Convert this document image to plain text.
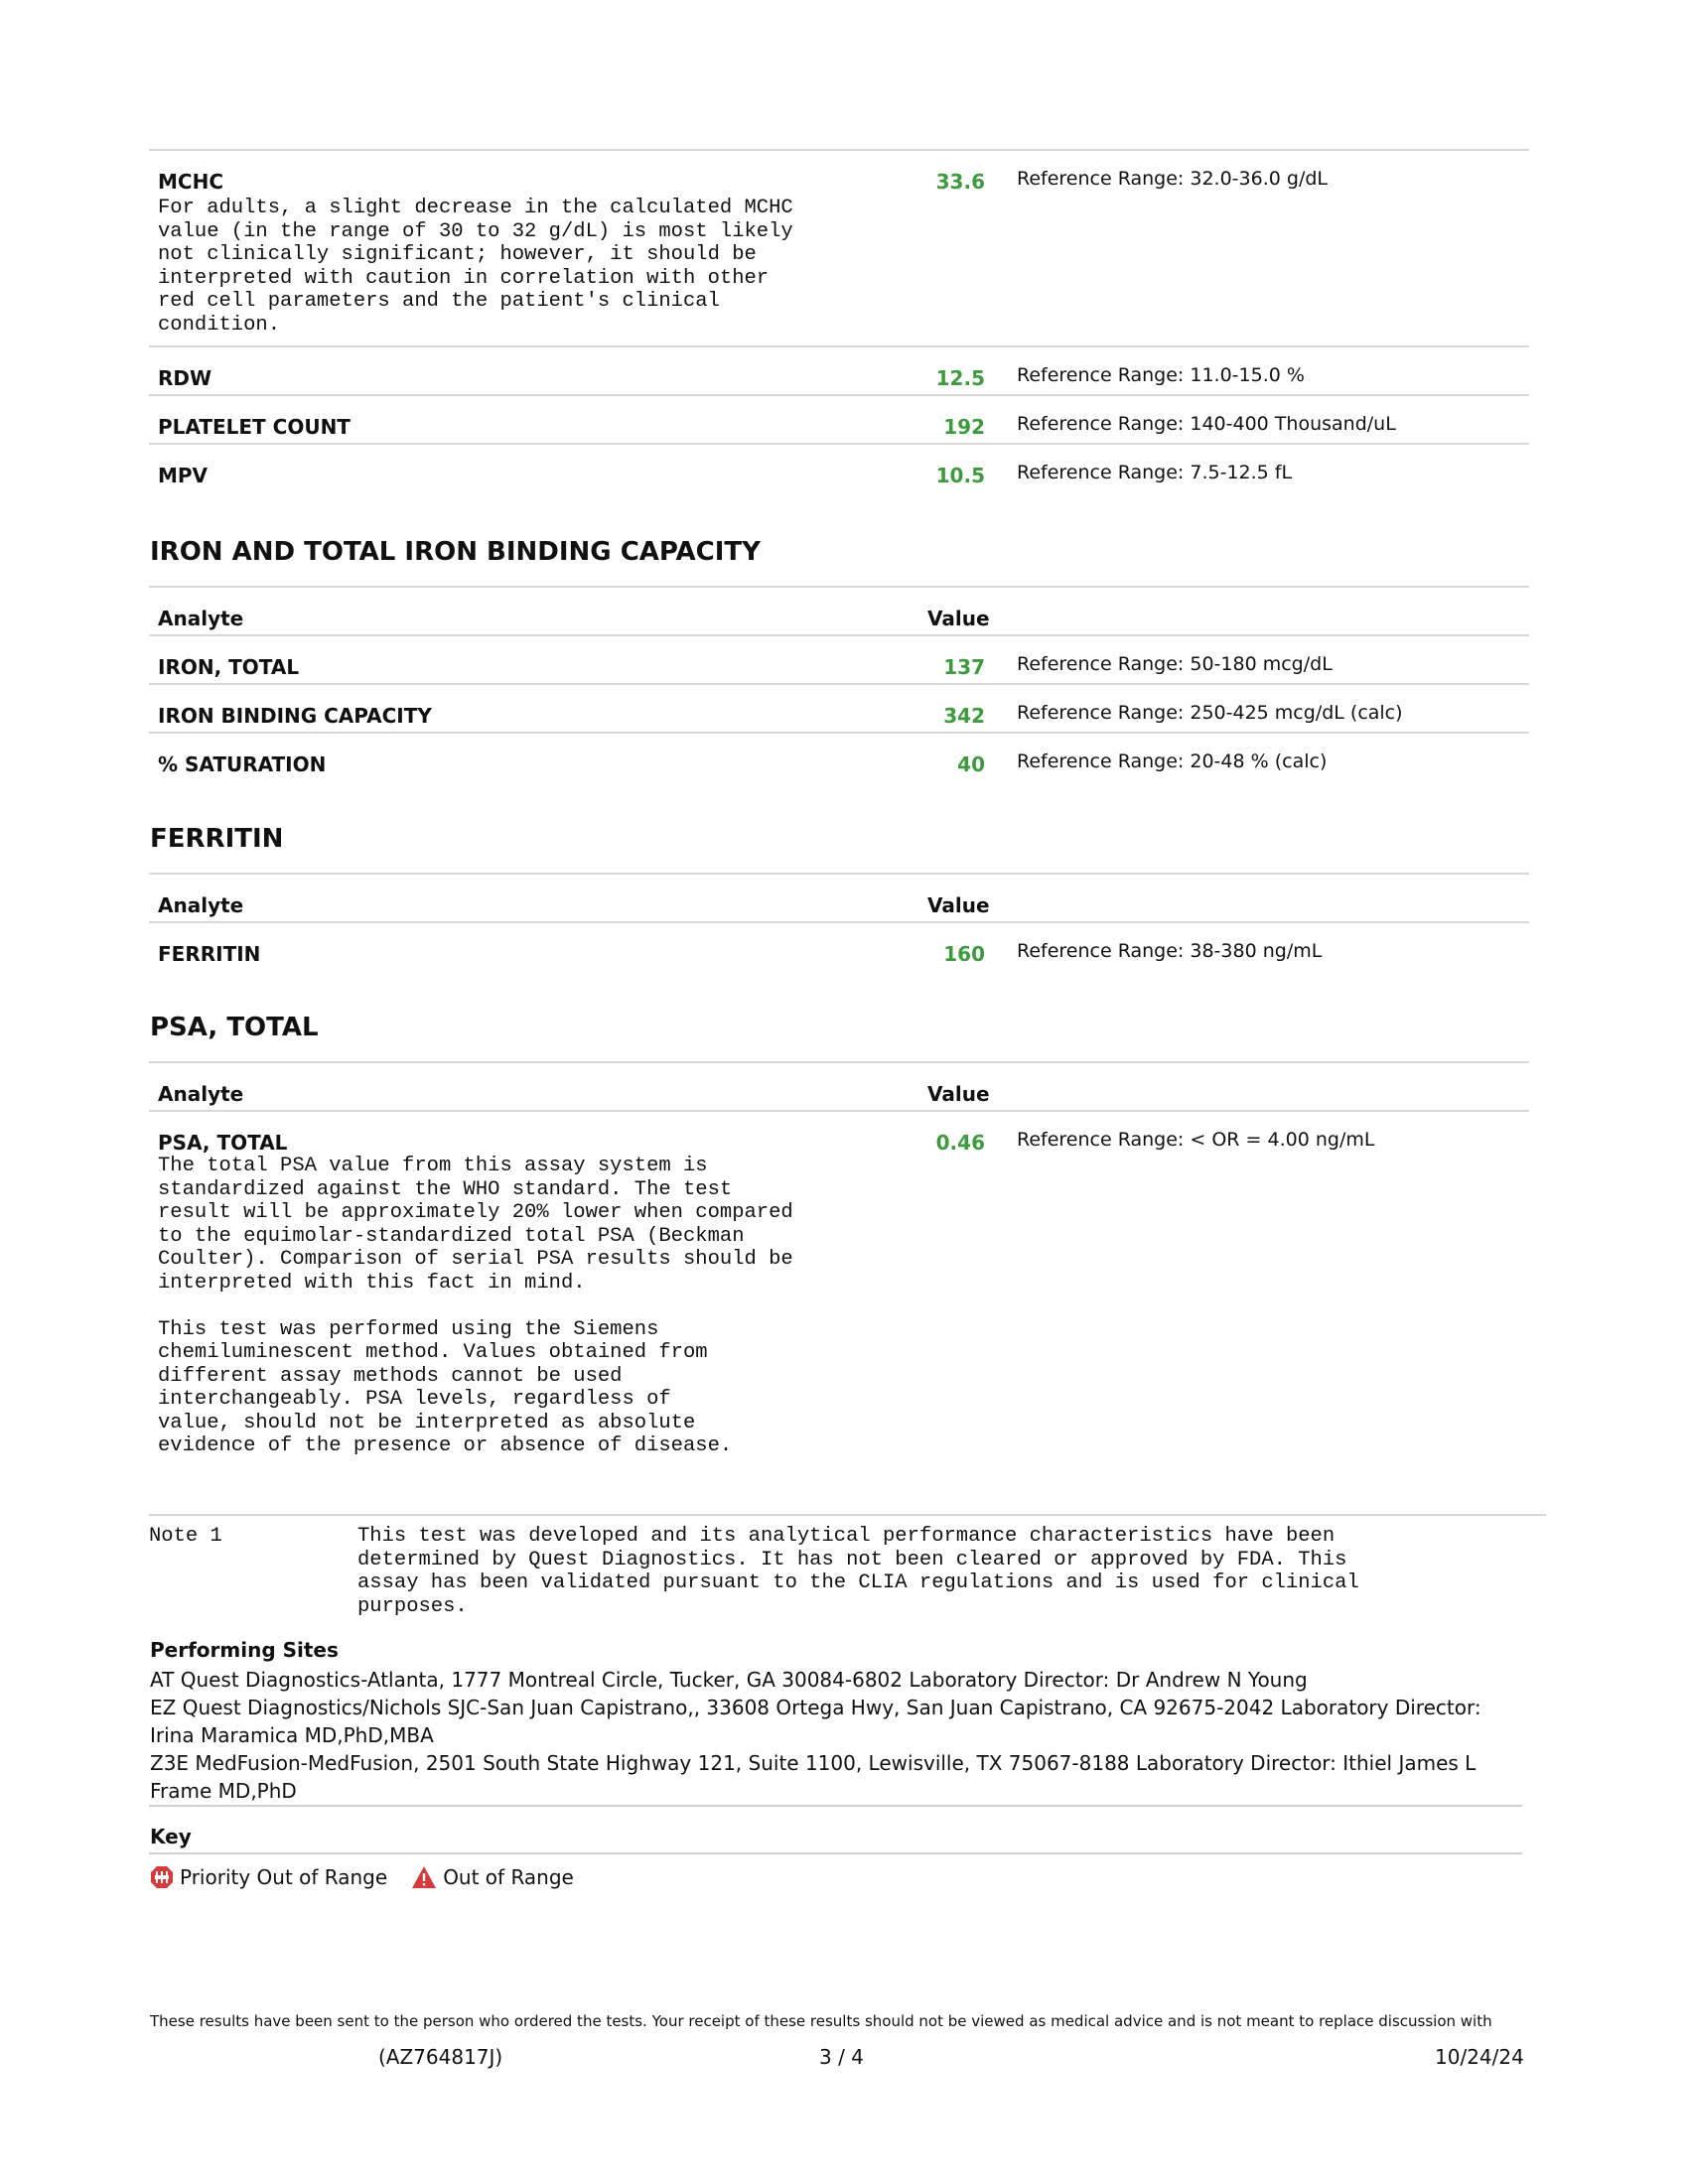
MCHC	33.6 Reference Range: 32.0-36.0 g/dL
For adults, a slight decrease in the calculated MCHC
value (in the range of 30 to 32 g/dL) is most likely
not clinically significant; however, it should be
interpreted with caution in correlation with other
red cell parameters and the patient's clinical
condition.
RDW	12.5 Reference Range: 11.0-15.0 %
PLATELET COUNT	192 Reference Range: 140-400 Thousand/uL
MPV	10.5 Reference Range: 7.5-12.5 fL
IRON AND TOTAL IRON BINDING CAPACITY
Analyte	Value
IRON, TOTAL	137 Reference Range: 50-180 mcg/dL
IRON BINDING CAPACITY	342 Reference Range: 250-425 mcg/dL (calc)
% SATURATION	40 Reference Range: 20-48 % (calc)
FERRITIN
Analyte	Value
FERRITIN	160 Reference Range: 38-380 ng/mL
PSA, TOTAL
Analyte	Value
PSA, TOTAL	0.46 Reference Range: < OR = 4.00 ng/mL
The total PSA value from this assay system is
standardized against the WHO standard. The test
result will be approximately 20% lower when compared
to the equimolar-standardized total PSA (Beckman
Coulter). Comparison of serial PSA results should be
interpreted with this fact in mind.

This test was performed using the Siemens
chemiluminescent method. Values obtained from
different assay methods cannot be used
interchangeably. PSA levels, regardless of
value, should not be interpreted as absolute
evidence of the presence or absence of disease.
Note 1	This test was developed and its analytical performance characteristics have been
determined by Quest Diagnostics. It has not been cleared or approved by FDA. This
assay has been validated pursuant to the CLIA regulations and is used for clinical
purposes.
Performing Sites

AT Quest Diagnostics-Atlanta, 1777 Montreal Circle, Tucker, GA 30084-6802 Laboratory Director: Dr Andrew N Young

EZ Quest Diagnostics/Nichols SJC-San Juan Capistrano,, 33608 Ortega Hwy, San Juan Capistrano, CA 92675-2042 Laboratory Director: Irina Maramica MD,PhD,MBA

Z3E MedFusion-MedFusion, 2501 South State Highway 121, Suite 1100, Lewisville, TX 75067-8188 Laboratory Director: Ithiel James L Frame MD,PhD

Key
Priority Out of Range	Out of Range
These results have been sent to the person who ordered the tests. Your receipt of these results should not be viewed as medical advice and is not meant to replace discussion with
(AZ764817J)	3 / 4	10/24/24
